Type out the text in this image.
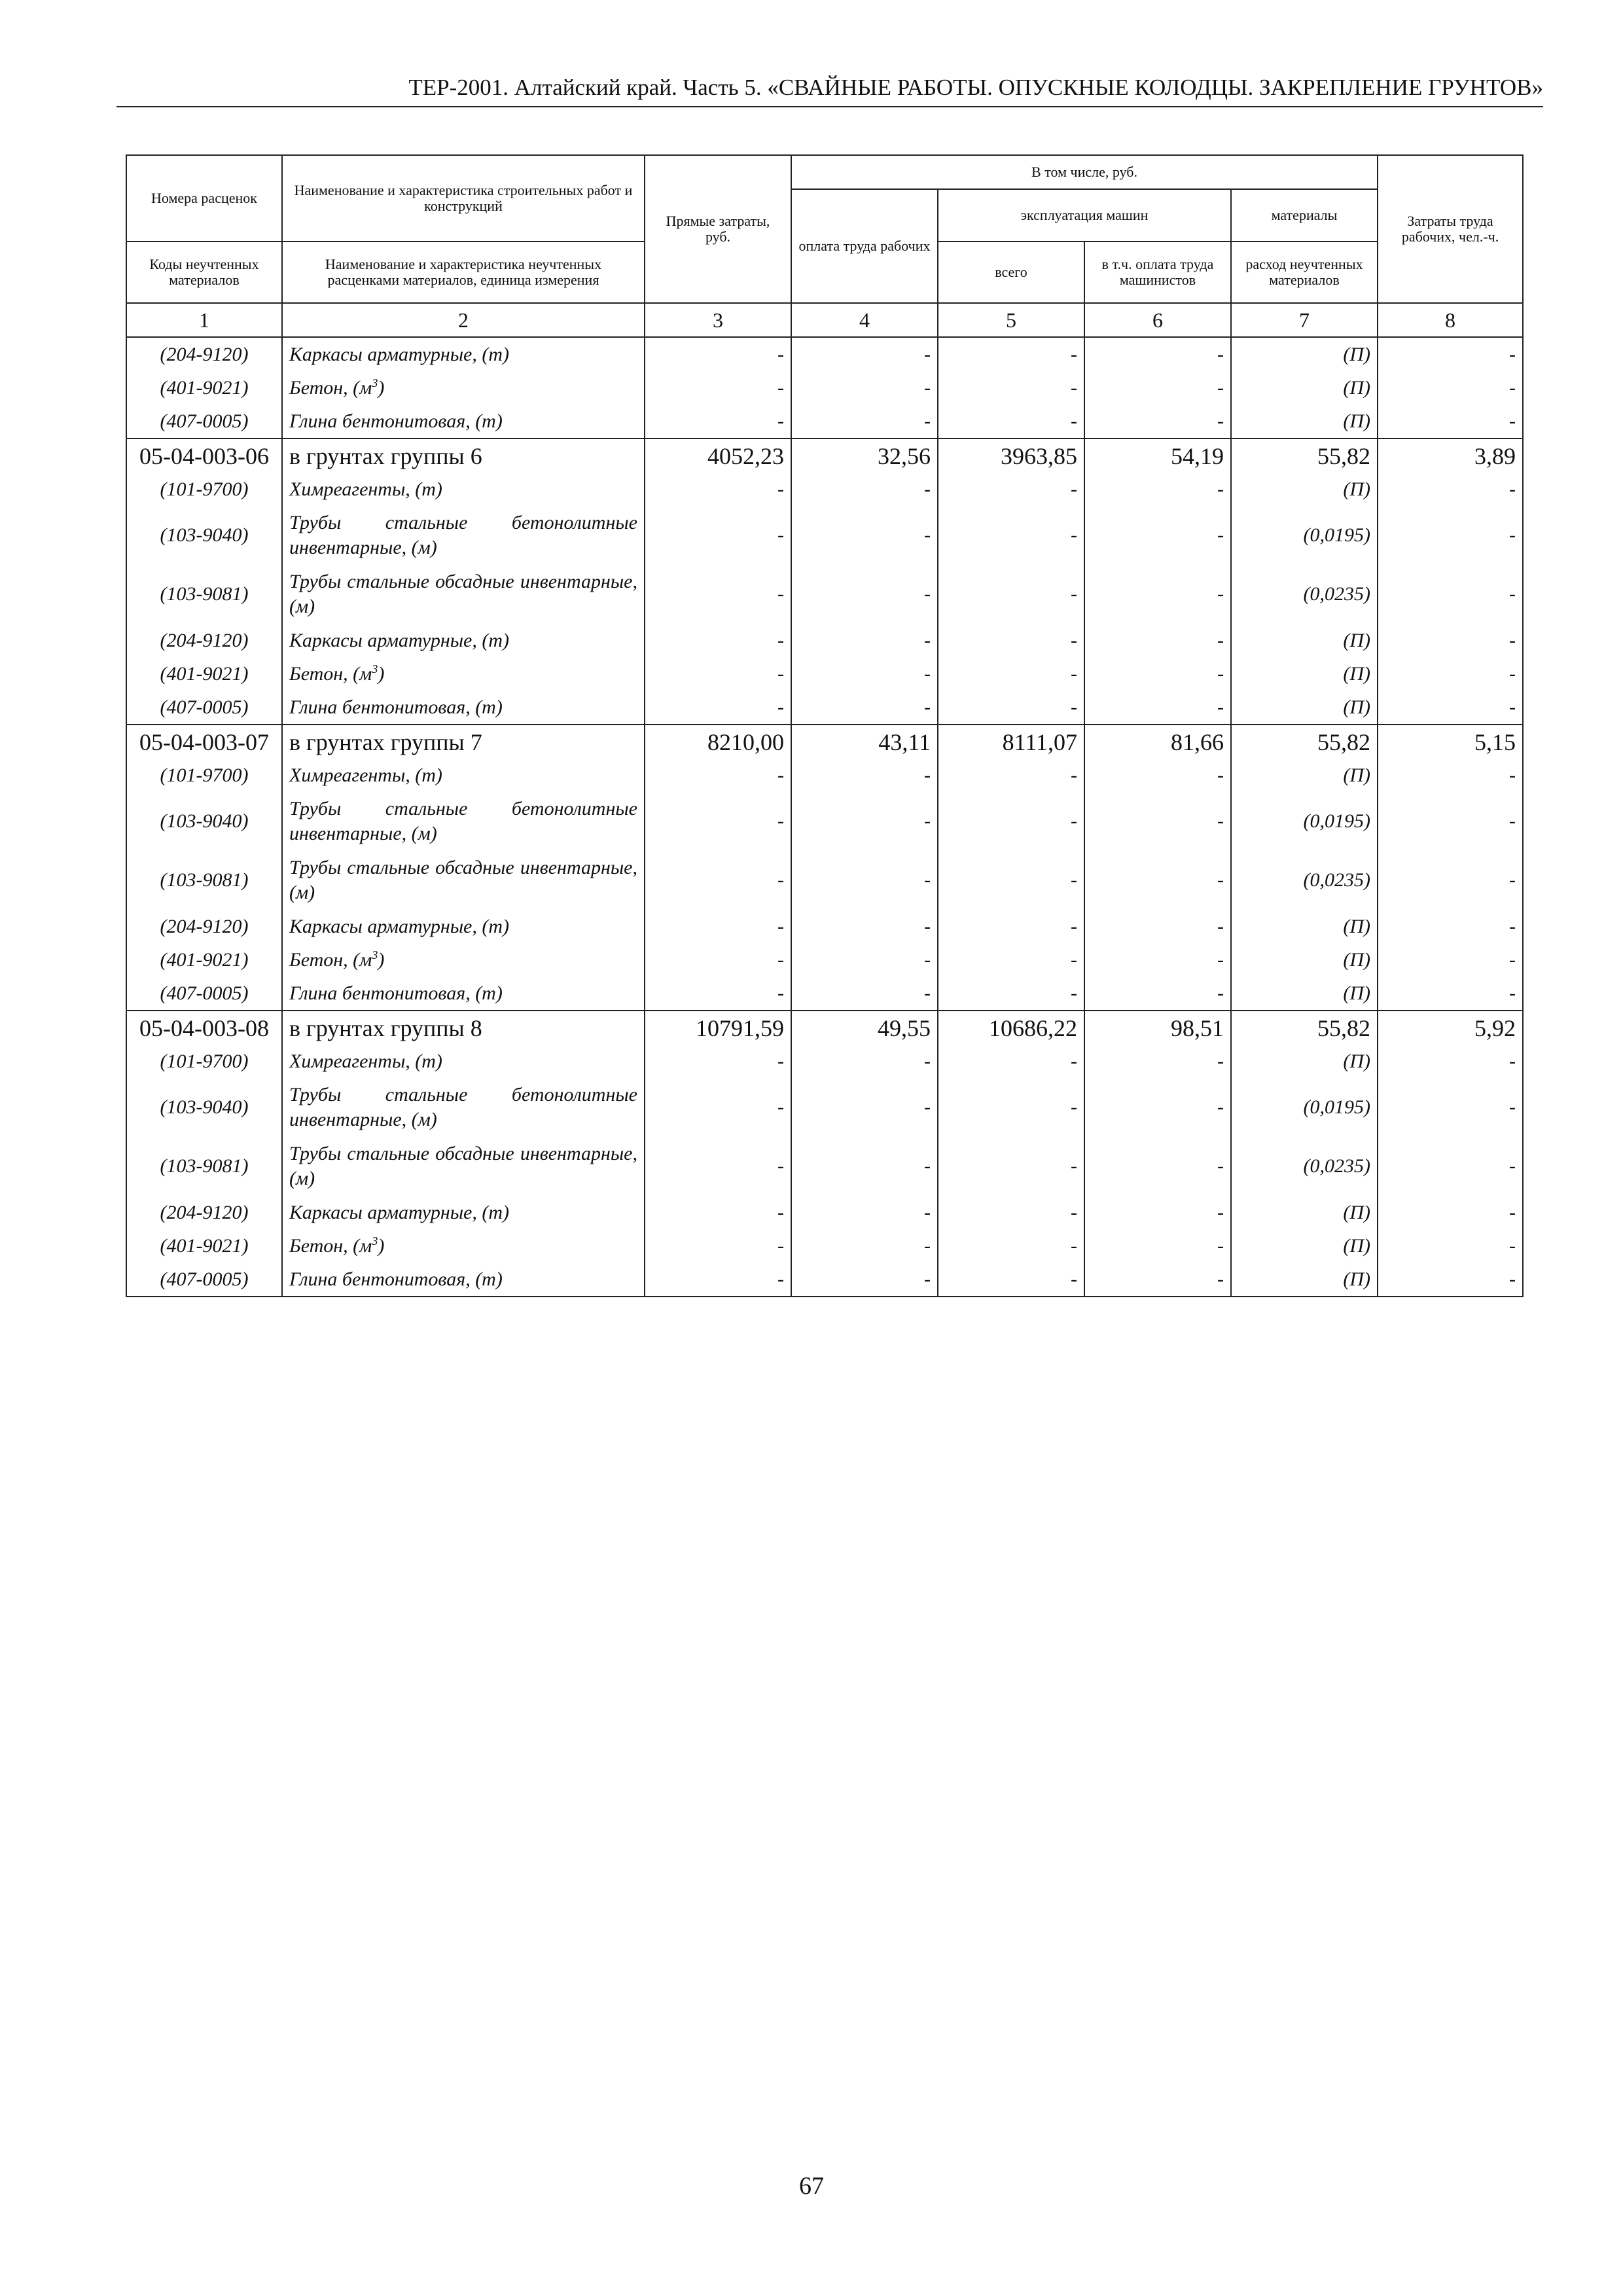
ТЕР-2001. Алтайский край. Часть 5. «СВАЙНЫЕ РАБОТЫ. ОПУСКНЫЕ КОЛОДЦЫ. ЗАКРЕПЛЕНИЕ ГРУНТОВ»
Номера расценок	Наименование и характеристика строительных работ и конструкций	Прямые затраты, руб.	В том числе, руб.				Затраты труда рабочих, чел.-ч.
			оплата труда рабочих	эксплуатация машин		материалы	
Коды неучтенных материалов	Наименование и характеристика неучтенных расценками материалов, единица измерения			всего	в т.ч. оплата труда машинистов	расход неучтенных материалов	
1	2	3	4	5	6	7	8
(204-9120)	Каркасы арматурные, (т)	-	-	-	-	(П)	-
(401-9021)	Бетон, $(м^3)$	-	-	-	-	(П)	-
(407-0005)	Глина бентонитовая, (т)	-	-	-	-	(П)	-
05-04-003-06	в грунтах группы 6	4052,23	32,56	3963,85	54,19	55,82	3,89
(101-9700)	Химреагенты, (т)	-	-	-	-	(П)	-
(103-9040)	Трубы стальные бетонолитные инвентарные, (м)	-	-	-	-	(0,0195)	-
(103-9081)	Трубы стальные обсадные инвентарные, (м)	-	-	-	-	(0,0235)	-
(204-9120)	Каркасы арматурные, (т)	-	-	-	-	(П)	-
(401-9021)	Бетон, $(м^3)$	-	-	-	-	(П)	-
(407-0005)	Глина бентонитовая, (т)	-	-	-	-	(П)	-
05-04-003-07	в грунтах группы 7	8210,00	43,11	8111,07	81,66	55,82	5,15
(101-9700)	Химреагенты, (т)	-	-	-	-	(П)	-
(103-9040)	Трубы стальные бетонолитные инвентарные, (м)	-	-	-	-	(0,0195)	-
(103-9081)	Трубы стальные обсадные инвентарные, (м)	-	-	-	-	(0,0235)	-
(204-9120)	Каркасы арматурные, (т)	-	-	-	-	(П)	-
(401-9021)	Бетон, $(м^3)$	-	-	-	-	(П)	-
(407-0005)	Глина бентонитовая, (т)	-	-	-	-	(П)	-
05-04-003-08	в грунтах группы 8	10791,59	49,55	10686,22	98,51	55,82	5,92
(101-9700)	Химреагенты, (т)	-	-	-	-	(П)	-
(103-9040)	Трубы стальные бетонолитные инвентарные, (м)	-	-	-	-	(0,0195)	-
(103-9081)	Трубы стальные обсадные инвентарные, (м)	-	-	-	-	(0,0235)	-
(204-9120)	Каркасы арматурные, (т)	-	-	-	-	(П)	-
(401-9021)	Бетон, $(м^3)$	-	-	-	-	(П)	-
(407-0005)	Глина бентонитовая, (т)	-	-	-	-	(П)	-
67
